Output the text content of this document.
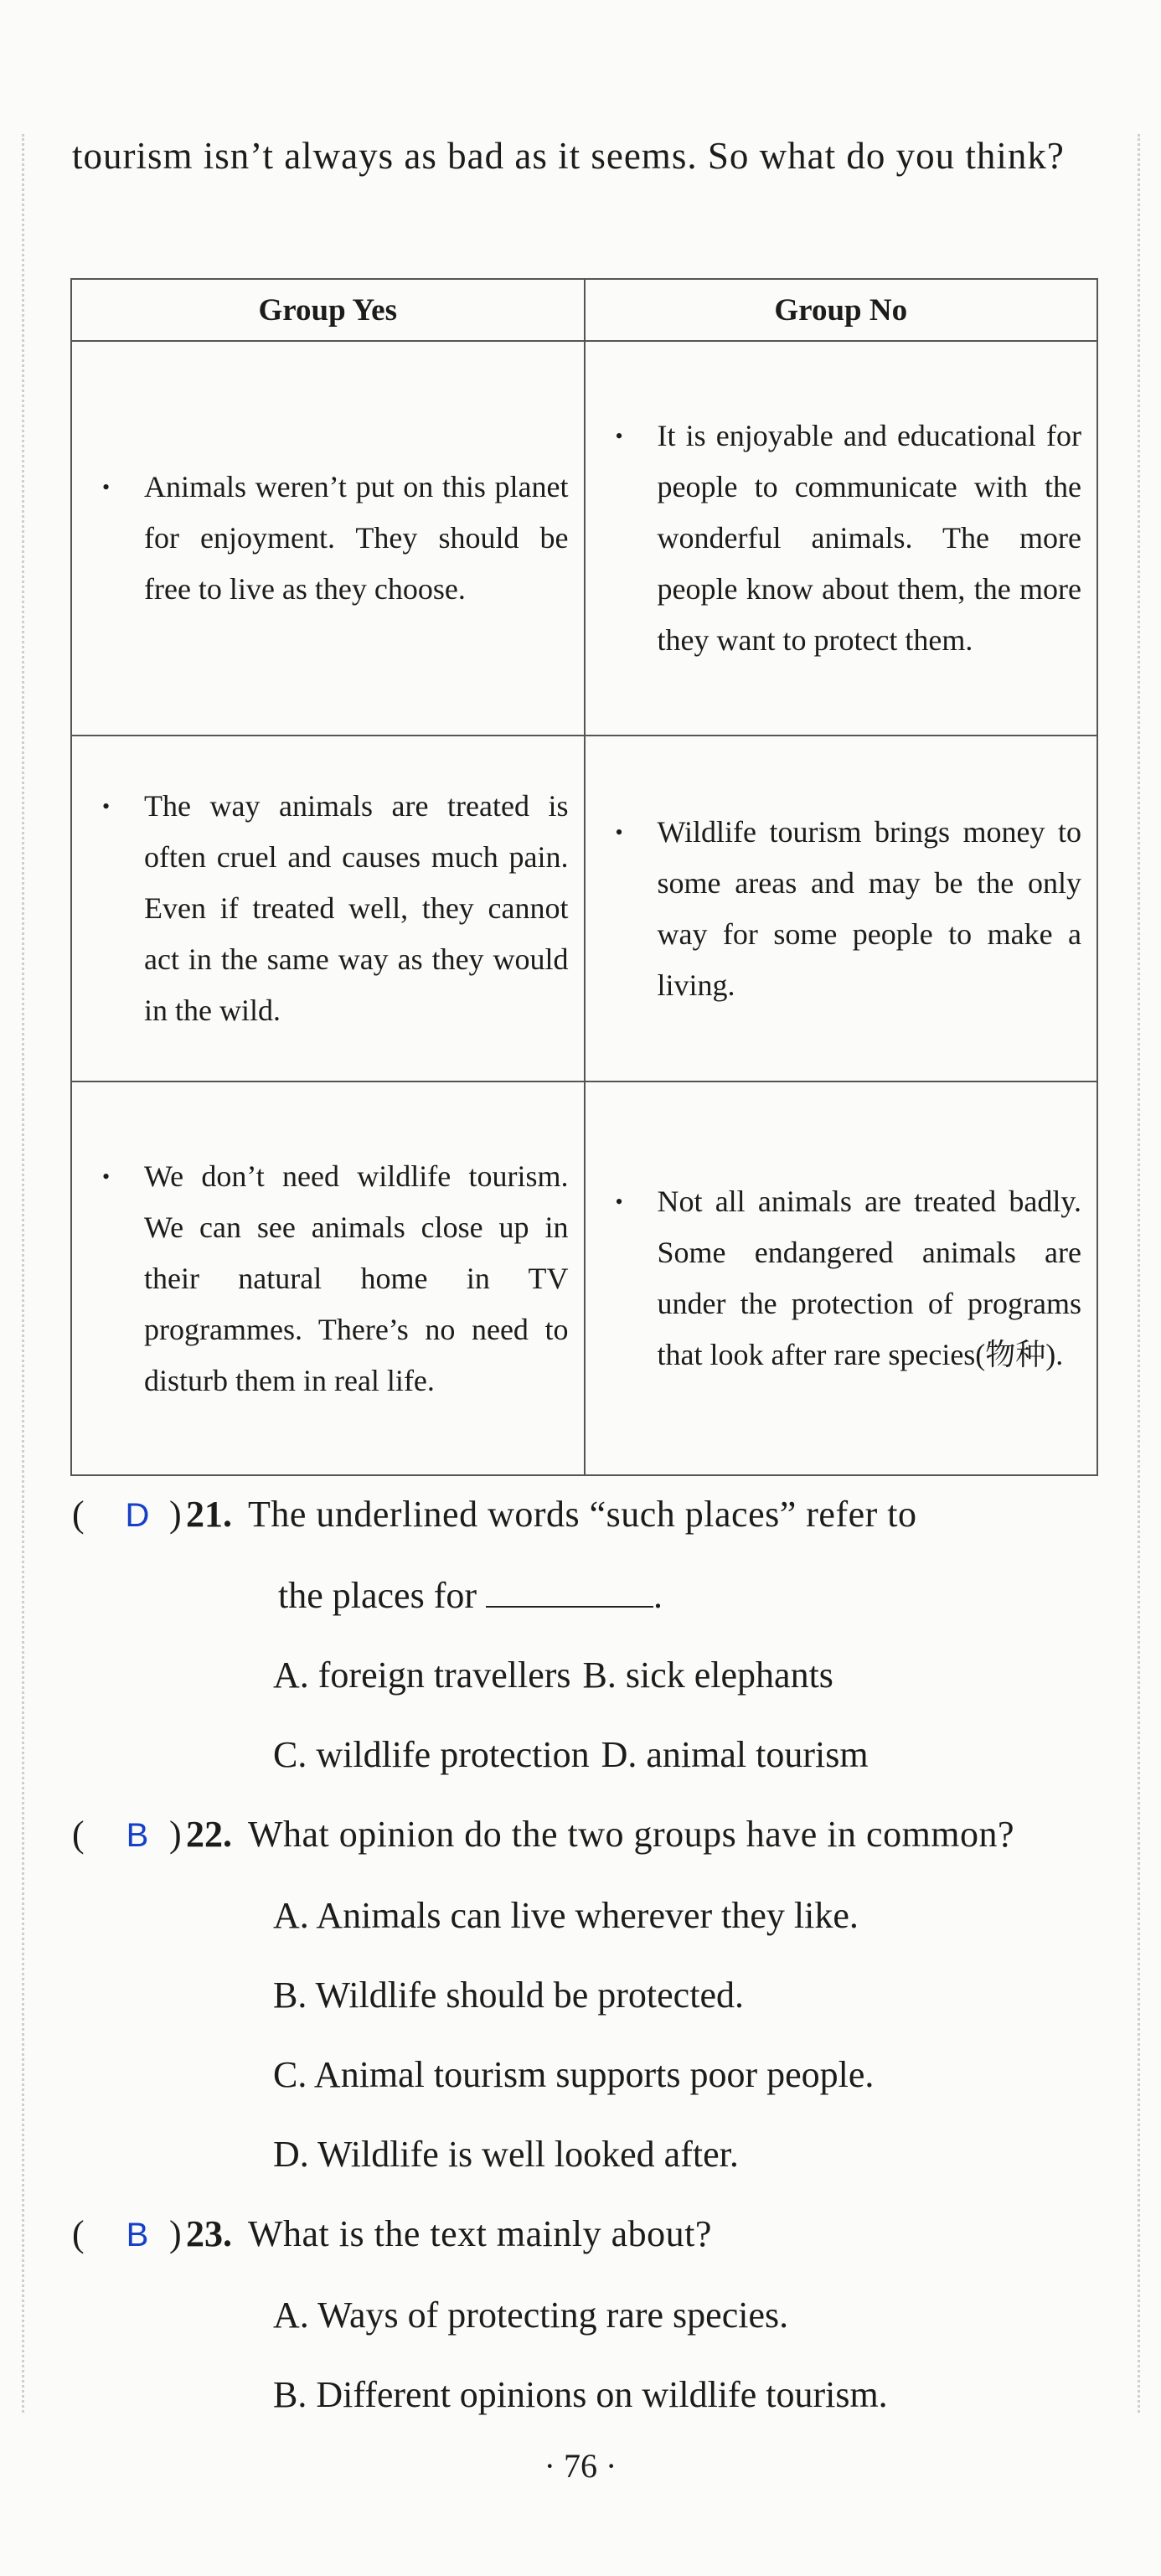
tourism isn’t always as bad as it seems. So what do you think?
Group Yes	Group No

• Animals weren’t put on this planet for enjoyment. They should be free to live as they choose.	• It is enjoyable and educational for people to communicate with the wonderful animals. The more people know about them, the more they want to protect them.

• The way animals are treated is often cruel and causes much pain. Even if treated well, they cannot act in the same way as they would in the wild.	• Wildlife tourism brings money to some areas and may be the only way for some people to make a living.

• We don’t need wildlife tourism. We can see animals close up in their natural home in TV programmes. There’s no need to disturb them in real life.	• Not all animals are treated badly. Some endangered animals are under the protection of programs that look after rare species(物种).
(	D ) 21. The underlined words “such places” refer to
the places for	.
A. foreign travellers B. sick elephants
C. wildlife protection D. animal tourism
(	B ) 22. What opinion do the two groups have in common?
A. Animals can live wherever they like.
B. Wildlife should be protected.
C. Animal tourism supports poor people.
D. Wildlife is well looked after.
(	B ) 23. What is the text mainly about?
A. Ways of protecting rare species.
B. Different opinions on wildlife tourism.
· 76 ·
